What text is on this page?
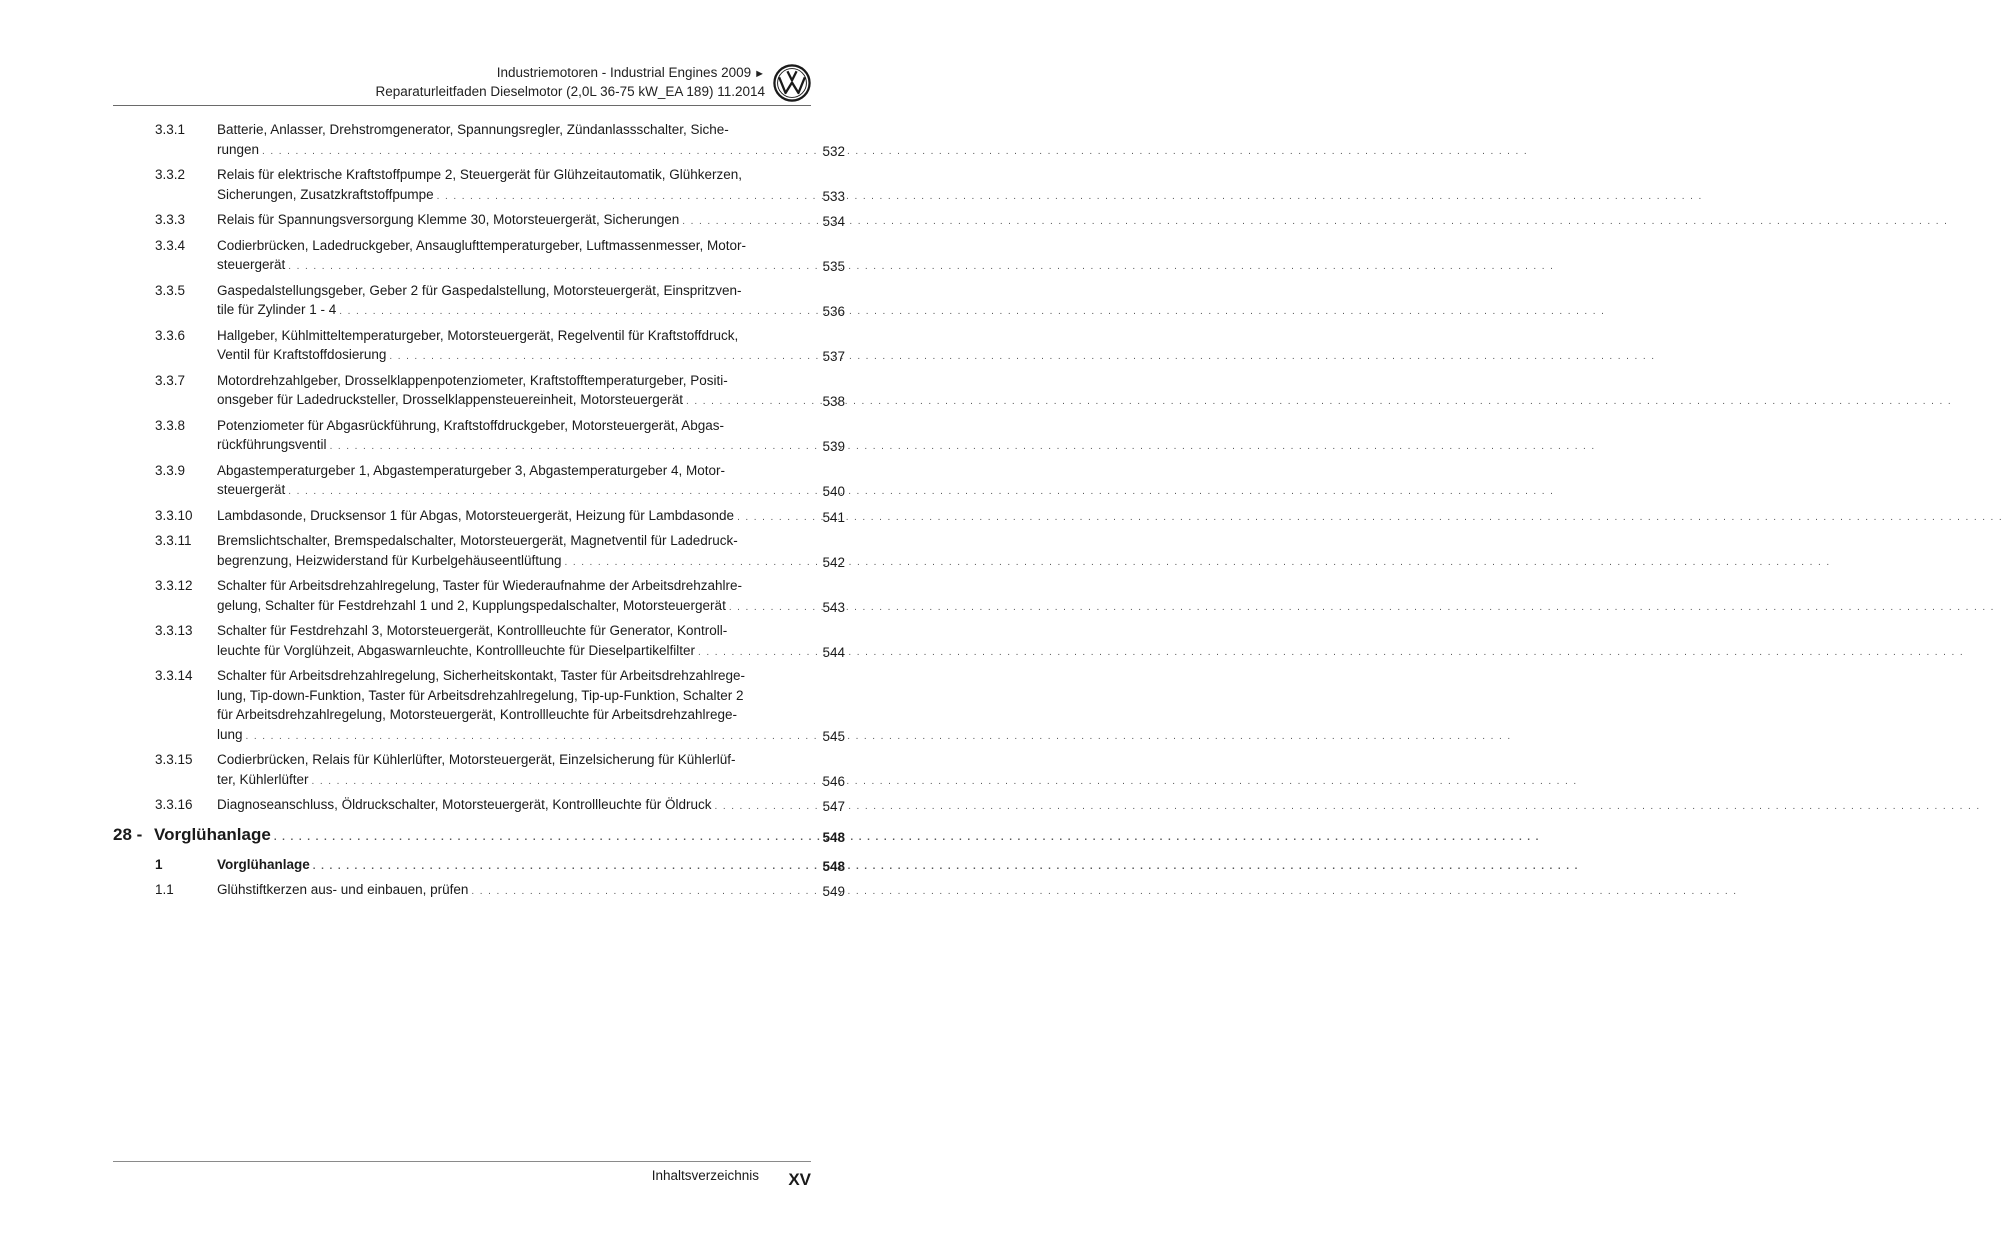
Industriemotoren - Industrial Engines 2009 ►
Reparaturleitfaden Dieselmotor (2,0L 36-75 kW_EA 189) 11.2014
3.3.1 Batterie, Anlasser, Drehstromgenerator, Spannungsregler, Zündanlassschalter, Siche-
rungen . . .	532
3.3.2 Relais für elektrische Kraftstoffpumpe 2, Steuergerät für Glühzeitautomatik, Glühkerzen,
Sicherungen, Zusatzkraftstoffpumpe . . .	533
3.3.3 Relais für Spannungsversorgung Klemme 30, Motorsteuergerät, Sicherungen . . .	534
3.3.4 Codierbrücken, Ladedruckgeber, Ansauglufttemperaturgeber, Luftmassenmesser, Motor-
steuergerät . . .	535
3.3.5 Gaspedalstellungsgeber, Geber 2 für Gaspedalstellung, Motorsteuergerät, Einspritzven-
tile für Zylinder 1 - 4 . . .	536
3.3.6 Hallgeber, Kühlmitteltemperaturgeber, Motorsteuergerät, Regelventil für Kraftstoffdruck,
Ventil für Kraftstoffdosierung . . .	537
3.3.7 Motordrehzahlgeber, Drosselklappenpotenziometer, Kraftstofftemperaturgeber, Positi-
onsgeber für Ladedrucksteller, Drosselklappensteuereinheit, Motorsteuergerät . . .	538
3.3.8 Potenziometer für Abgasrückführung, Kraftstoffdruckgeber, Motorsteuergerät, Abgas-
rückführungsventil . . .	539
3.3.9 Abgastemperaturgeber 1, Abgastemperaturgeber 3, Abgastemperaturgeber 4, Motor-
steuergerät . . .	540
3.3.10 Lambdasonde, Drucksensor 1 für Abgas, Motorsteuergerät, Heizung für Lambdasonde . . .	541
3.3.11 Bremslichtschalter, Bremspedalschalter, Motorsteuergerät, Magnetventil für Ladedruck-
begrenzung, Heizwiderstand für Kurbelgehäuseentlüftung . . .	542
3.3.12 Schalter für Arbeitsdrehzahlregelung, Taster für Wiederaufnahme der Arbeitsdrehzahlre-
gelung, Schalter für Festdrehzahl 1 und 2, Kupplungspedalschalter, Motorsteuergerät . . .	543
3.3.13 Schalter für Festdrehzahl 3, Motorsteuergerät, Kontrollleuchte für Generator, Kontroll-
leuchte für Vorglühzeit, Abgaswarnleuchte, Kontrollleuchte für Dieselpartikelfilter . . .	544
3.3.14 Schalter für Arbeitsdrehzahlregelung, Sicherheitskontakt, Taster für Arbeitsdrehzahlrege-
lung, Tip-down-Funktion, Taster für Arbeitsdrehzahlregelung, Tip-up-Funktion, Schalter 2
für Arbeitsdrehzahlregelung, Motorsteuergerät, Kontrollleuchte für Arbeitsdrehzahlrege-
lung . . .	545
3.3.15 Codierbrücken, Relais für Kühlerlüfter, Motorsteuergerät, Einzelsicherung für Kühlerlüf-
ter, Kühlerlüfter . . .	546
3.3.16 Diagnoseanschluss, Öldruckschalter, Motorsteuergerät, Kontrollleuchte für Öldruck . . .	547
28 - Vorglühanlage . . .	548
1	Vorglühanlage . . .	548
1.1	Glühstiftkerzen aus- und einbauen, prüfen . . .	549
Inhaltsverzeichnis XV
